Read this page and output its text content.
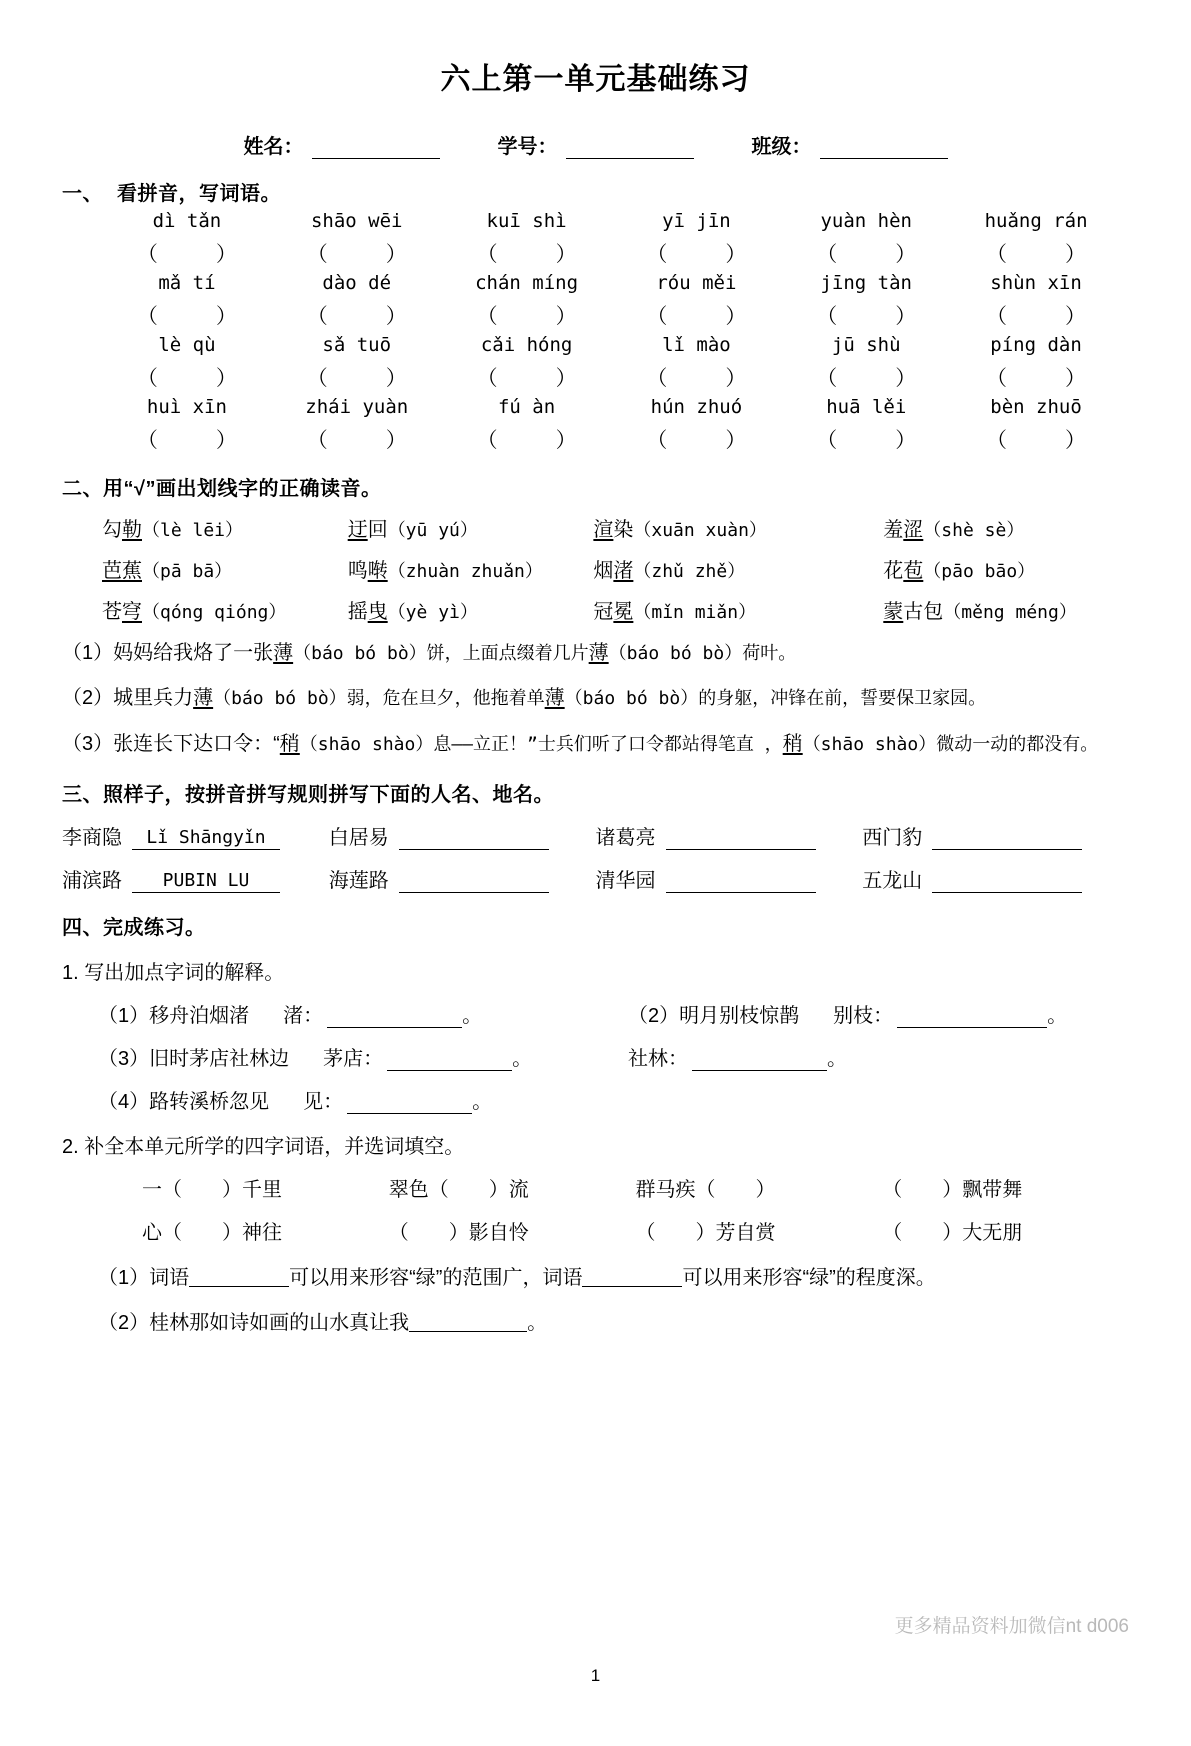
六上第一单元基础练习
姓名：	学号：	班级：
一、 看拼音，写词语。
dì tǎn	shāo wēi	kuī shì	yī jīn	yuàn hèn	huǎng rán
（	）	（	）	（	）	（	）	（	）	（	）
mǎ tí	dào dé	chán míng	róu měi	jīng tàn	shùn xīn
（	）	（	）	（	）	（	）	（	）	（	）
lè qù	sǎ tuō	cǎi hóng	lǐ mào	jū shù	píng dàn
（	）	（	）	（	）	（	）	（	）	（	）
huì xīn	zhái yuàn	fú àn	hún zhuó	huā lěi	bèn zhuō
（	）	（	）	（	）	（	）	（	）	（	）
二、用“√”画出划线字的正确读音。
勾勒（lè lēi）	迂回（yū yú）	渲染（xuān xuàn）	羞涩（shè sè）
芭蕉（pā bā）	鸣啭（zhuàn zhuǎn）	烟渚（zhǔ zhě）	花苞（pāo bāo）
苍穹（qóng qióng）	摇曳（yè yì）	冠冕（mǐn miǎn）	蒙古包（měng méng）
（1）妈妈给我烙了一张薄（báo bó bò）饼，上面点缀着几片薄（báo bó bò）荷叶。
（2）城里兵力薄（báo bó bò）弱，危在旦夕，他拖着单薄（báo bó bò）的身躯，冲锋在前，誓要保卫家园。
（3）张连长下达口令：“稍（shāo shào）息——立正！”士兵们听了口令都站得笔直 ，稍（shāo shào）微动一动的都没有。
三、照样子，按拼音拼写规则拼写下面的人名、地名。
李商隐	Lǐ Shāngyǐn	白居易	诸葛亮	西门豹
浦滨路	PUBIN LU	海莲路	清华园	五龙山
四、完成练习。
1. 写出加点字词的解释。
（1）移舟泊烟渚 渚：	。	（2）明月别枝惊鹊 别枝：	。
（3）旧时茅店社林边 茅店：	。	社林：	。
（4）路转溪桥忽见 见：	。
2. 补全本单元所学的四字词语，并选词填空。
一（ ）千里	翠色（ ）流	群马疾（ ）	（ ）飘带舞
心（ ）神往	（ ）影自怜	（ ）芳自赏	（ ）大无朋
（1）词语	可以用来形容“绿”的范围广，词语	可以用来形容“绿”的程度深。
（2）桂林那如诗如画的山水真让我	。
更多精品资料加微信nt d006
1
